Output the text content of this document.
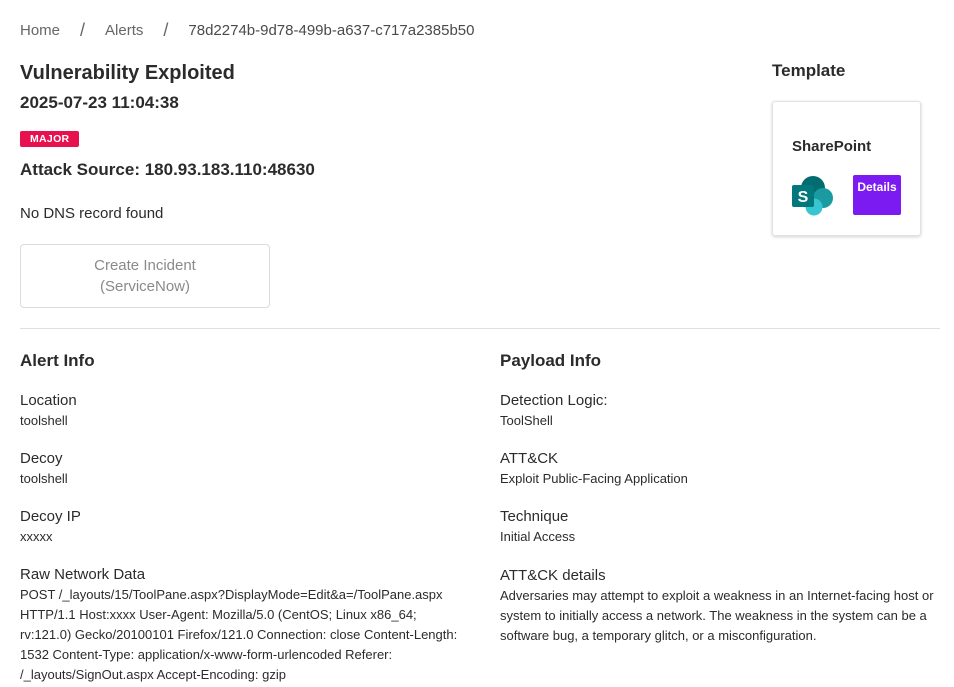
Home / Alerts / 78d2274b-9d78-499b-a637-c717a2385b50
Vulnerability Exploited
2025-07-23 11:04:38
MAJOR
Attack Source: 180.93.183.110:48630
No DNS record found
Create Incident (ServiceNow)
Template
SharePoint
S
Details
Alert Info
Location
toolshell
Decoy
toolshell
Decoy IP
xxxxx
Raw Network Data
POST /_layouts/15/ToolPane.aspx?DisplayMode=Edit&a=/ToolPane.aspx HTTP/1.1 Host:xxxx User-Agent: Mozilla/5.0 (CentOS; Linux x86_64; rv:121.0) Gecko/20100101 Firefox/121.0 Connection: close Content-Length: 1532 Content-Type: application/x-www-form-urlencoded Referer: /_layouts/SignOut.aspx Accept-Encoding: gzip
Payload Info
Detection Logic:
ToolShell
ATT&CK
Exploit Public-Facing Application
Technique
Initial Access
ATT&CK details
Adversaries may attempt to exploit a weakness in an Internet-facing host or system to initially access a network. The weakness in the system can be a software bug, a temporary glitch, or a misconfiguration.
